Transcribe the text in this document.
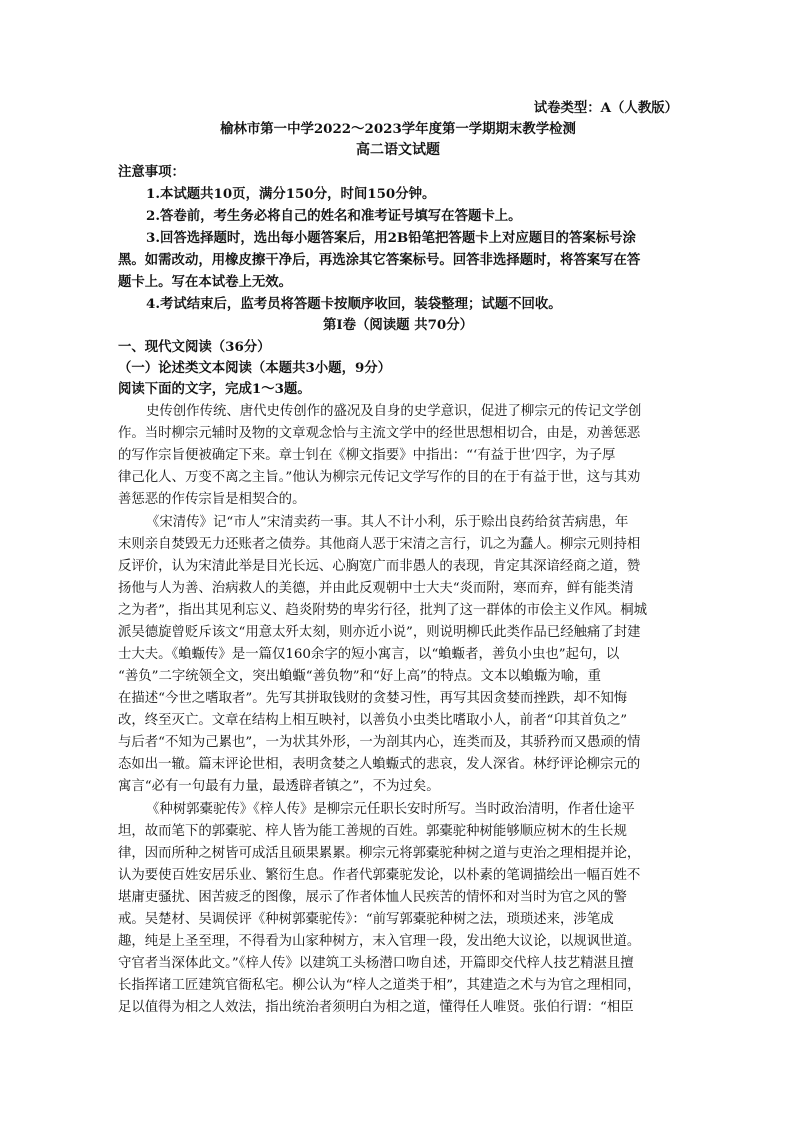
试卷类型：A（人教版）
榆林市第一中学2022～2023学年度第一学期期末教学检测
高二语文试题
注意事项：
1.本试题共10页，满分150分，时间150分钟。
2.答卷前，考生务必将自己的姓名和准考证号填写在答题卡上。
3.回答选择题时，选出每小题答案后，用2B铅笔把答题卡上对应题目的答案标号涂
黑。如需改动，用橡皮擦干净后，再选涂其它答案标号。回答非选择题时，将答案写在答
题卡上。写在本试卷上无效。
4.考试结束后，监考员将答题卡按顺序收回，装袋整理；试题不回收。
第Ⅰ卷（阅读题 共70分）
一、现代文阅读（36分）
（一）论述类文本阅读（本题共3小题，9分）
阅读下面的文字，完成1～3题。
史传创作传统、唐代史传创作的盛况及自身的史学意识，促进了柳宗元的传记文学创
作。当时柳宗元辅时及物的文章观念恰与主流文学中的经世思想相切合，由是，劝善惩恶
的写作宗旨便被确定下来。章士钊在《柳文指要》中指出：“‘有益于世’四字，为子厚
律己化人、万变不离之主旨。”他认为柳宗元传记文学写作的目的在于有益于世，这与其劝
善惩恶的作传宗旨是相契合的。
《宋清传》记“市人”宋清卖药一事。其人不计小利，乐于赊出良药给贫苦病患，年
末则亲自焚毁无力还账者之债券。其他商人恶于宋清之言行，讥之为蠢人。柳宗元则持相
反评价，认为宋清此举是目光长远、心胸宽广而非愚人的表现，肯定其深谙经商之道，赞
扬他与人为善、治病救人的美德，并由此反观朝中士大夫“炎而附，寒而弃，鲜有能类清
之为者”，指出其见利忘义、趋炎附势的卑劣行径，批判了这一群体的市侩主义作风。桐城
派吴德旋曾贬斥该文“用意太歼太刻，则亦近小说”，则说明柳氏此类作品已经触痛了封建
士大夫。《蝜蝂传》是一篇仅160余字的短小寓言，以“蝜蝂者，善负小虫也”起句，以
“善负”二字统领全文，突出蝜蝂“善负物”和“好上高”的特点。文本以蝜蝂为喻，重
在描述“今世之嗜取者”。先写其拼取钱财的贪婪习性，再写其因贪婪而挫跌，却不知悔
改，终至灭亡。文章在结构上相互映衬，以善负小虫类比嗜取小人，前者“卬其首负之”
与后者“不知为己累也”，一为状其外形，一为剖其内心，连类而及，其骄矜而又愚顽的情
态如出一辙。篇末评论世相，表明贪婪之人蝜蝂式的悲哀，发人深省。林纾评论柳宗元的
寓言“必有一句最有力量，最透辟者镇之”，不为过矣。
《种树郭橐驼传》《梓人传》是柳宗元任职长安时所写。当时政治清明，作者仕途平
坦，故而笔下的郭橐驼、梓人皆为能工善规的百姓。郭橐驼种树能够顺应树木的生长规
律，因而所种之树皆可成活且硕果累累。柳宗元将郭橐驼种树之道与吏治之理相提并论，
认为要使百姓安居乐业、繁衍生息。作者代郭橐驼发论，以朴素的笔调描绘出一幅百姓不
堪庸吏骚扰、困苦疲乏的图像，展示了作者体恤人民疾苦的情怀和对当时为官之风的警
戒。吴楚材、吴调侯评《种树郭橐驼传》：“前写郭橐驼种树之法，琐琐述来，涉笔成
趣，纯是上圣至理，不得看为山家种树方，末入官理一段，发出绝大议论，以规讽世道。
守官者当深体此文。”《梓人传》以建筑工头杨潜口吻自述，开篇即交代梓人技艺精湛且擅
长指挥诸工匠建筑官衙私宅。柳公认为“梓人之道类于相”，其建造之术与为官之理相同，
足以值得为相之人效法，指出统治者须明白为相之道，懂得任人唯贤。张伯行谓：“相臣
